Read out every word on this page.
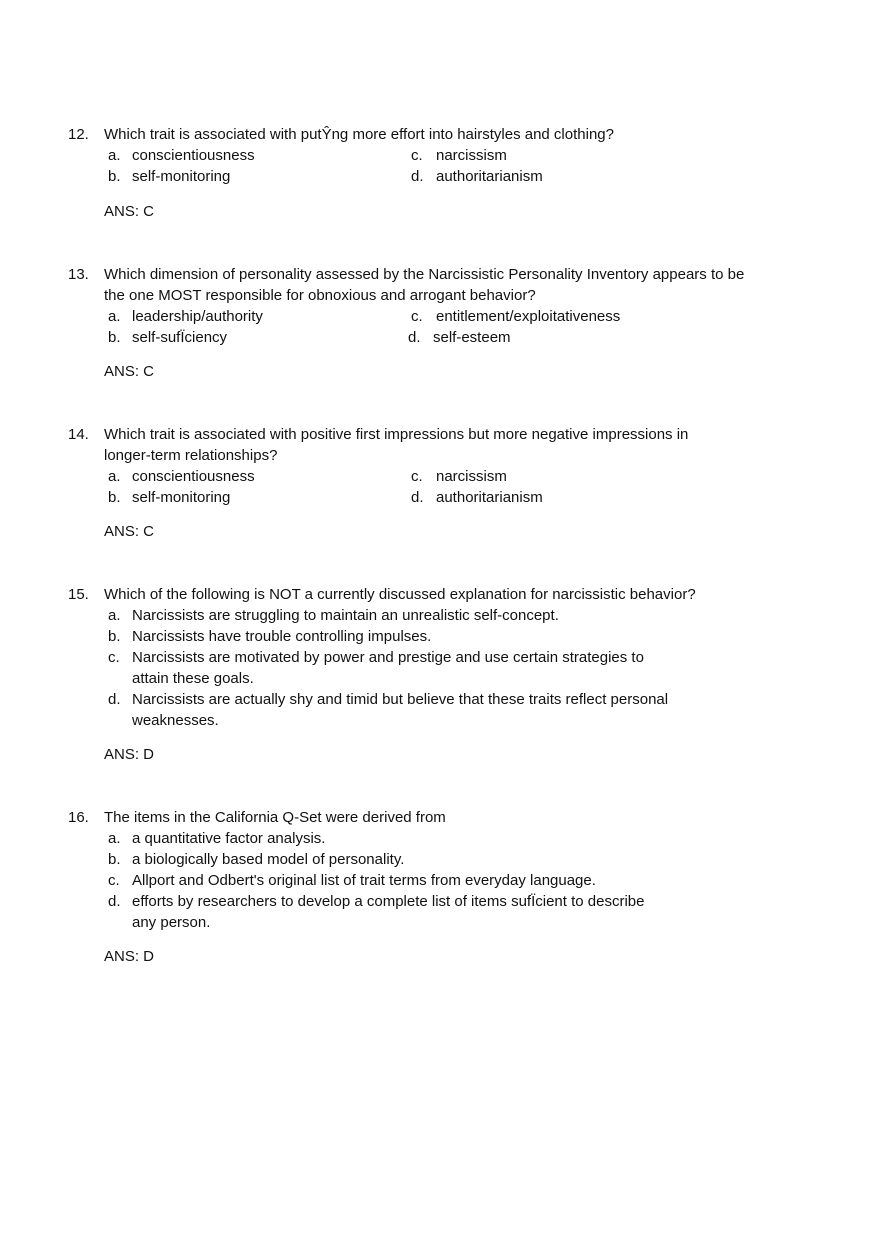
12. Which trait is associated with putŶng more effort into hairstyles and clothing?
a. conscientiousness	c. narcissism
b. self-monitoring	d. authoritarianism
ANS: C
13. Which dimension of personality assessed by the Narcissistic Personality Inventory appears to be
the one MOST responsible for obnoxious and arrogant behavior?
a. leadership/authority	c. entitlement/exploitativeness
b. self-sufÏciency	d. self-esteem
ANS: C
14. Which trait is associated with positive first impressions but more negative impressions in
longer-term relationships?
a. conscientiousness	c. narcissism
b. self-monitoring	d. authoritarianism
ANS: C
15. Which of the following is NOT a currently discussed explanation for narcissistic behavior?
a. Narcissists are struggling to maintain an unrealistic self-concept.
b. Narcissists have trouble controlling impulses.
c. Narcissists are motivated by power and prestige and use certain strategies to
attain these goals.
d. Narcissists are actually shy and timid but believe that these traits reflect personal
weaknesses.
ANS: D
16. The items in the California Q-Set were derived from
a. a quantitative factor analysis.
b. a biologically based model of personality.
c. Allport and Odbert's original list of trait terms from everyday language.
d. efforts by researchers to develop a complete list of items sufÏcient to describe
any person.
ANS: D
